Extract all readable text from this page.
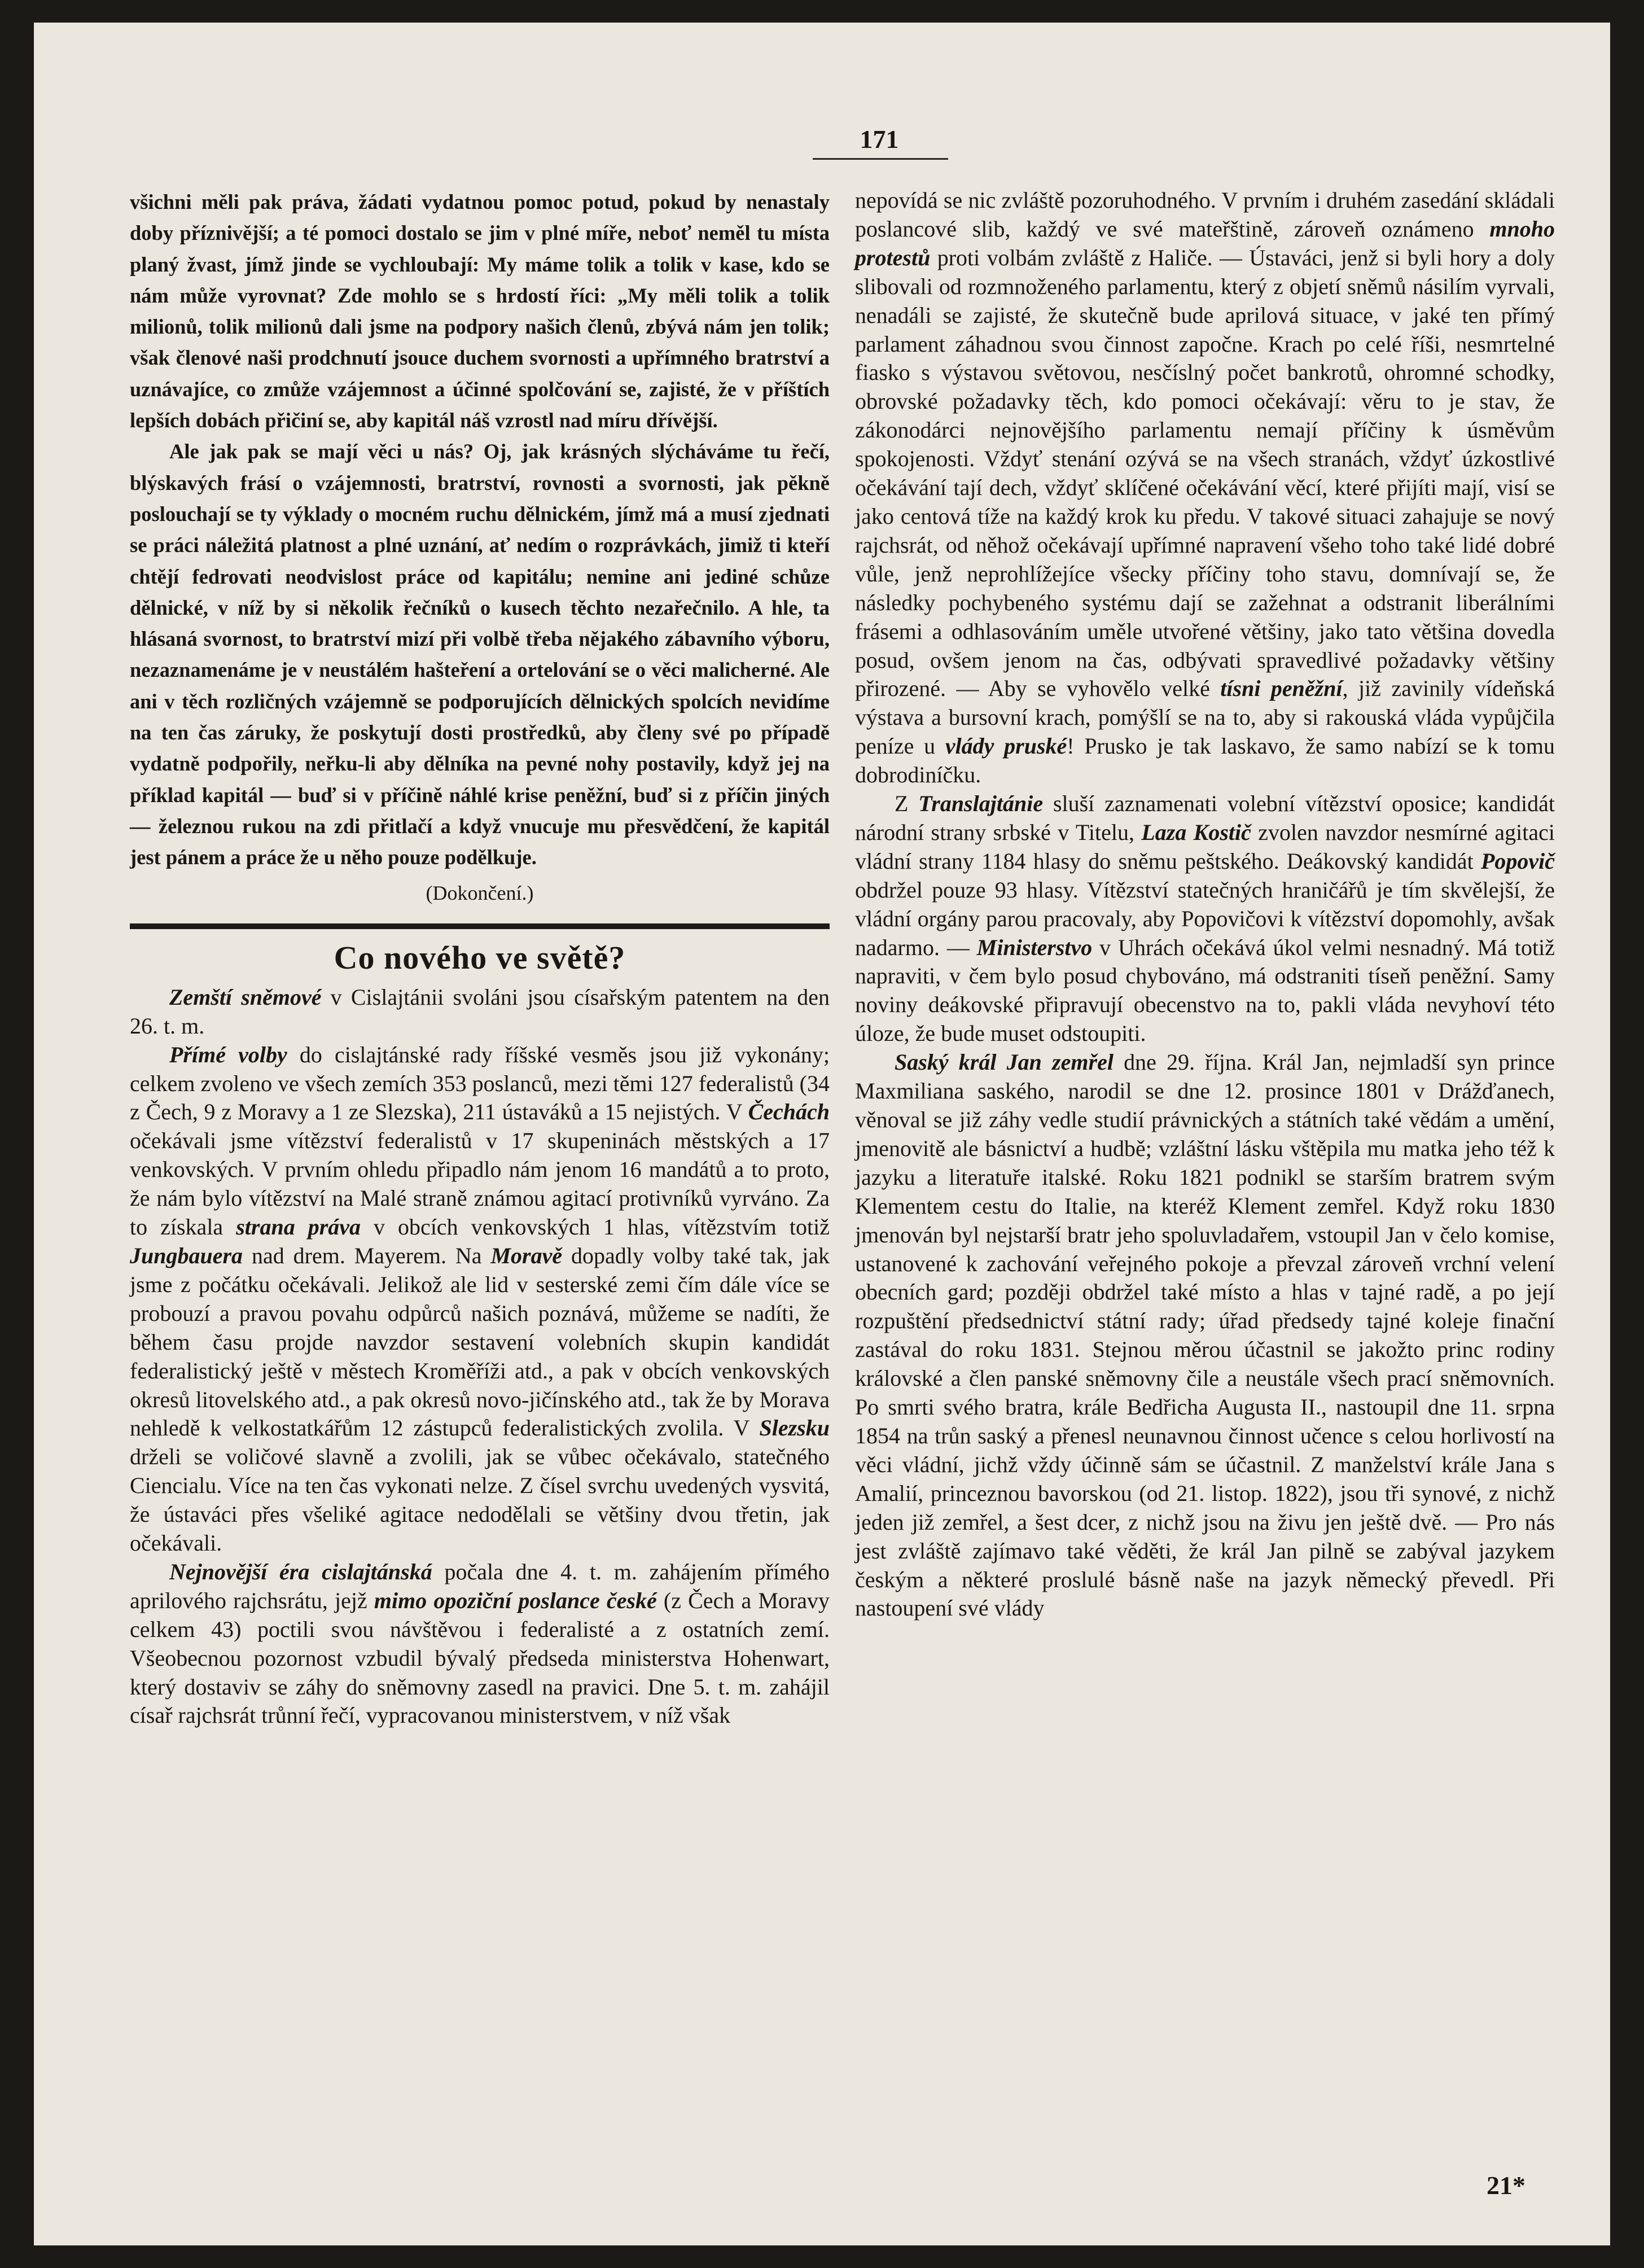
171

všichni měli pak práva, žádati vydatnou pomoc potud, pokud by nenastaly doby příznivější; a té pomoci dostalo se jim v plné míře, neboť neměl tu místa planý žvast, jímž jinde se vychloubají: My máme tolik a tolik v kase, kdo se nám může vyrovnat? Zde mohlo se s hrdostí říci: „My měli tolik a tolik milionů, tolik milionů dali jsme na podpory našich členů, zbývá nám jen tolik; však členové naši prodchnutí jsouce duchem svornosti a upřímného bratrství a uznávajíce, co zmůže vzájemnost a účinné spolčování se, zajisté, že v příštích lepších dobách přičiní se, aby kapitál náš vzrostl nad míru dřívější.

Ale jak pak se mají věci u nás? Oj, jak krásných slýcháváme tu řečí, blýskavých frásí o vzájemnosti, bratrství, rovnosti a svornosti, jak pěkně poslouchají se ty výklady o mocném ruchu dělnickém, jímž má a musí zjednati se práci náležitá platnost a plné uznání, ať nedím o rozprávkách, jimiž ti kteří chtějí fedrovati neodvislost práce od kapitálu; nemine ani jediné schůze dělnické, v níž by si několik řečníků o kusech těchto nezařečnilo. A hle, ta hlásaná svornost, to bratrství mizí při volbě třeba nějakého zábavního výboru, nezaznamenáme je v neustálém hašteření a ortelování se o věci malicherné. Ale ani v těch rozličných vzájemně se podporujících dělnických spolcích nevidíme na ten čas záruky, že poskytují dosti prostředků, aby členy své po případě vydatně podpořily, neřku-li aby dělníka na pevné nohy postavily, když jej na příklad kapitál — buď si v příčině náhlé krise peněžní, buď si z příčin jiných — železnou rukou na zdi přitlačí a když vnucuje mu přesvědčení, že kapitál jest pánem a práce že u něho pouze podělkuje.

(Dokončení.)

Co nového ve světě?

Zemští sněmové v Cislajtánii svoláni jsou císařským patentem na den 26. t. m.

Přímé volby do cislajtánské rady říšské vesměs jsou již vykonány; celkem zvoleno ve všech zemích 353 poslanců, mezi těmi 127 federalistů (34 z Čech, 9 z Moravy a 1 ze Slezska), 211 ústaváků a 15 nejistých. V Čechách očekávali jsme vítězství federalistů v 17 skupeninách městských a 17 venkovských. V prvním ohledu připadlo nám jenom 16 mandátů a to proto, že nám bylo vítězství na Malé straně známou agitací protivníků vyrváno. Za to získala strana práva v obcích venkovských 1 hlas, vítězstvím totiž Jungbauera nad drem. Mayerem. Na Moravě dopadly volby také tak, jak jsme z počátku očekávali. Jelikož ale lid v sesterské zemi čím dále více se probouzí a pravou povahu odpůrců našich poznává, můžeme se nadíti, že během času projde navzdor sestavení volebních skupin kandidát federalistický ještě v městech Kroměříži atd., a pak v obcích venkovských okresů litovelského atd., a pak okresů novo-jičínského atd., tak že by Morava nehledě k velkostatkářům 12 zástupců federalistických zvolila. V Slezsku drželi se voličové slavně a zvolili, jak se vůbec očekávalo, statečného Ciencialu. Více na ten čas vykonati nelze. Z čísel svrchu uvedených vysvitá, že ústaváci přes všeliké agitace nedodělali se většiny dvou třetin, jak očekávali.

Nejnovější éra cislajtánská počala dne 4. t. m. zahájením přímého aprilového rajchsrátu, jejž mimo opoziční poslance české (z Čech a Moravy celkem 43) poctili svou návštěvou i federalisté a z ostatních zemí. Všeobecnou pozornost vzbudil bývalý předseda ministerstva Hohenwart, který dostaviv se záhy do sněmovny zasedl na pravici. Dne 5. t. m. zahájil císař rajchsrát trůnní řečí, vypracovanou ministerstvem, v níž však

nepovídá se nic zvláště pozoruhodného. V prvním i druhém zasedání skládali poslancové slib, každý ve své mateřštině, zároveň oznámeno mnoho protestů proti volbám zvláště z Haliče. — Ústaváci, jenž si byli hory a doly slibovali od rozmnoženého parlamentu, který z objetí sněmů násilím vyrvali, nenadáli se zajisté, že skutečně bude aprilová situace, v jaké ten přímý parlament záhadnou svou činnost započne. Krach po celé říši, nesmrtelné fiasko s výstavou světovou, nesčíslný počet bankrotů, ohromné schodky, obrovské požadavky těch, kdo pomoci očekávají: věru to je stav, že zákonodárci nejnovějšího parlamentu nemají příčiny k úsměvům spokojenosti. Vždyť stenání ozývá se na všech stranách, vždyť úzkostlivé očekávání tají dech, vždyť sklíčené očekávání věcí, které přijíti mají, visí se jako centová tíže na každý krok ku předu. V takové situaci zahajuje se nový rajchsrát, od něhož očekávají upřímné napravení všeho toho také lidé dobré vůle, jenž neprohlížejíce všecky příčiny toho stavu, domnívají se, že následky pochybeného systému dají se zažehnat a odstranit liberálními frásemi a odhlasováním uměle utvořené většiny, jako tato většina dovedla posud, ovšem jenom na čas, odbývati spravedlivé požadavky většiny přirozené. — Aby se vyhovělo velké tísni peněžní, již zavinily vídeňská výstava a bursovní krach, pomýšlí se na to, aby si rakouská vláda vypůjčila peníze u vlády pruské! Prusko je tak laskavo, že samo nabízí se k tomu dobrodiníčku.

Z Translajtánie sluší zaznamenati volební vítězství oposice; kandidát národní strany srbské v Titelu, Laza Kostič zvolen navzdor nesmírné agitaci vládní strany 1184 hlasy do sněmu peštského. Deákovský kandidát Popovič obdržel pouze 93 hlasy. Vítězství statečných hraničářů je tím skvělejší, že vládní orgány parou pracovaly, aby Popovičovi k vítězství dopomohly, avšak nadarmo. — Ministerstvo v Uhrách očekává úkol velmi nesnadný. Má totiž napraviti, v čem bylo posud chybováno, má odstraniti tíseň peněžní. Samy noviny deákovské připravují obecenstvo na to, pakli vláda nevyhoví této úloze, že bude muset odstoupiti.

Saský král Jan zemřel dne 29. října. Král Jan, nejmladší syn prince Maxmiliana saského, narodil se dne 12. prosince 1801 v Drážďanech, věnoval se již záhy vedle studií právnických a státních také vědám a umění, jmenovitě ale básnictví a hudbě; vzláštní lásku vštěpila mu matka jeho též k jazyku a literatuře italské. Roku 1821 podnikl se starším bratrem svým Klementem cestu do Italie, na kteréž Klement zemřel. Když roku 1830 jmenován byl nejstarší bratr jeho spoluvladařem, vstoupil Jan v čelo komise, ustanovené k zachování veřejného pokoje a převzal zároveň vrchní velení obecních gard; později obdržel také místo a hlas v tajné radě, a po její rozpuštění předsednictví státní rady; úřad předsedy tajné koleje finační zastával do roku 1831. Stejnou měrou účastnil se jakožto princ rodiny královské a člen panské sněmovny čile a neustále všech prací sněmovních. Po smrti svého bratra, krále Bedřicha Augusta II., nastoupil dne 11. srpna 1854 na trůn saský a přenesl neunavnou činnost učence s celou horlivostí na věci vládní, jichž vždy účinně sám se účastnil. Z manželství krále Jana s Amalií, princeznou bavorskou (od 21. listop. 1822), jsou tři synové, z nichž jeden již zemřel, a šest dcer, z nichž jsou na živu jen ještě dvě. — Pro nás jest zvláště zajímavo také věděti, že král Jan pilně se zabýval jazykem českým a některé proslulé básně naše na jazyk německý převedl. Při nastoupení své vlády

21*
